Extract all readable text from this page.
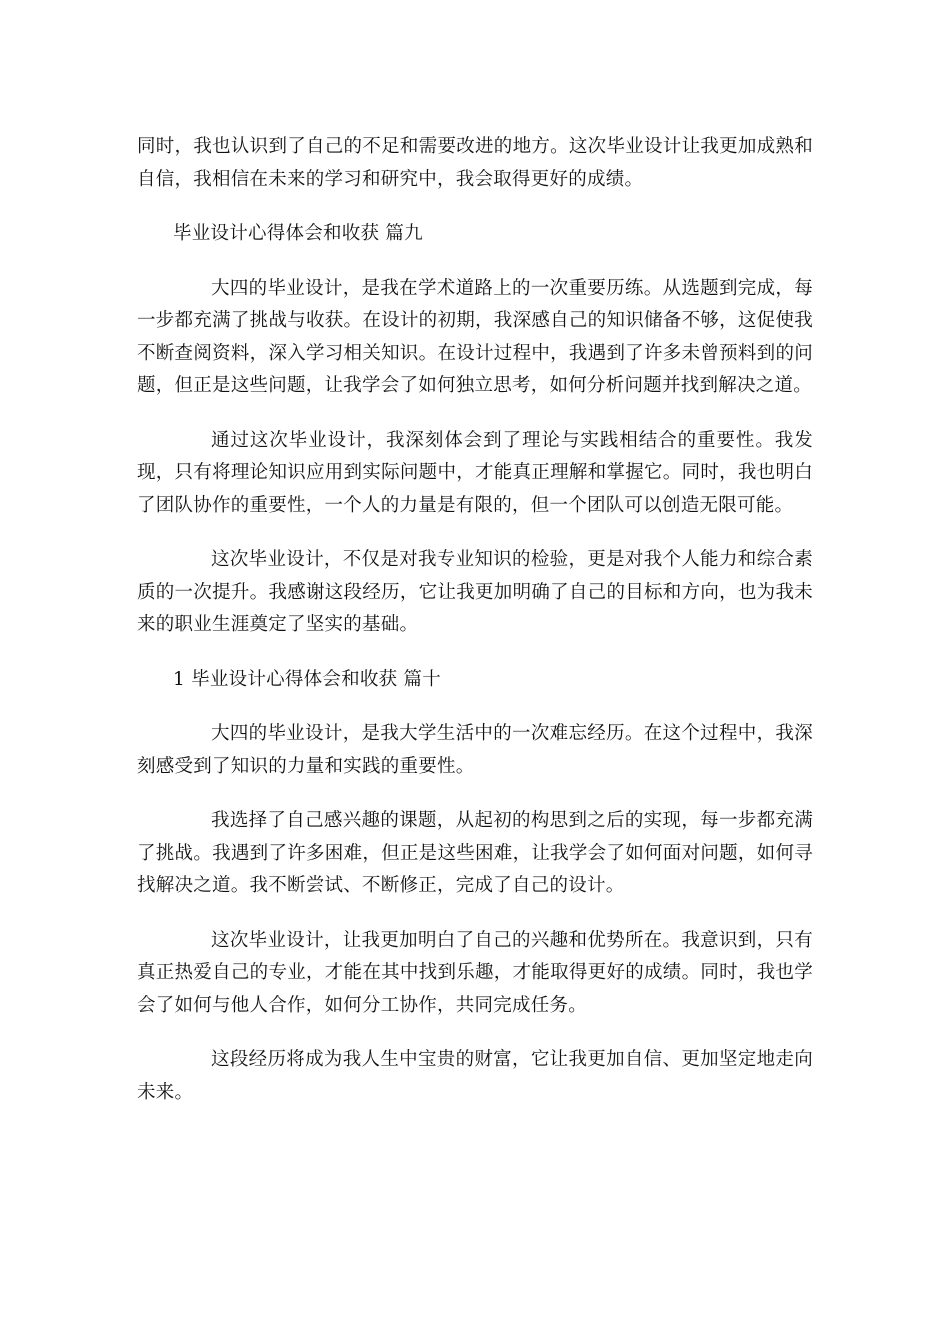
同时，我也认识到了自己的不足和需要改进的地方。这次毕业设计让我更加成熟和自信，我相信在未来的学习和研究中，我会取得更好的成绩。

毕业设计心得体会和收获 篇九

大四的毕业设计，是我在学术道路上的一次重要历练。从选题到完成，每一步都充满了挑战与收获。在设计的初期，我深感自己的知识储备不够，这促使我不断查阅资料，深入学习相关知识。在设计过程中，我遇到了许多未曾预料到的问题，但正是这些问题，让我学会了如何独立思考，如何分析问题并找到解决之道。

通过这次毕业设计，我深刻体会到了理论与实践相结合的重要性。我发现，只有将理论知识应用到实际问题中，才能真正理解和掌握它。同时，我也明白了团队协作的重要性，一个人的力量是有限的，但一个团队可以创造无限可能。

这次毕业设计，不仅是对我专业知识的检验，更是对我个人能力和综合素质的一次提升。我感谢这段经历，它让我更加明确了自己的目标和方向，也为我未来的职业生涯奠定了坚实的基础。

1 毕业设计心得体会和收获 篇十

大四的毕业设计，是我大学生活中的一次难忘经历。在这个过程中，我深刻感受到了知识的力量和实践的重要性。

我选择了自己感兴趣的课题，从起初的构思到之后的实现，每一步都充满了挑战。我遇到了许多困难，但正是这些困难，让我学会了如何面对问题，如何寻找解决之道。我不断尝试、不断修正，完成了自己的设计。

这次毕业设计，让我更加明白了自己的兴趣和优势所在。我意识到，只有真正热爱自己的专业，才能在其中找到乐趣，才能取得更好的成绩。同时，我也学会了如何与他人合作，如何分工协作，共同完成任务。

这段经历将成为我人生中宝贵的财富，它让我更加自信、更加坚定地走向未来。
